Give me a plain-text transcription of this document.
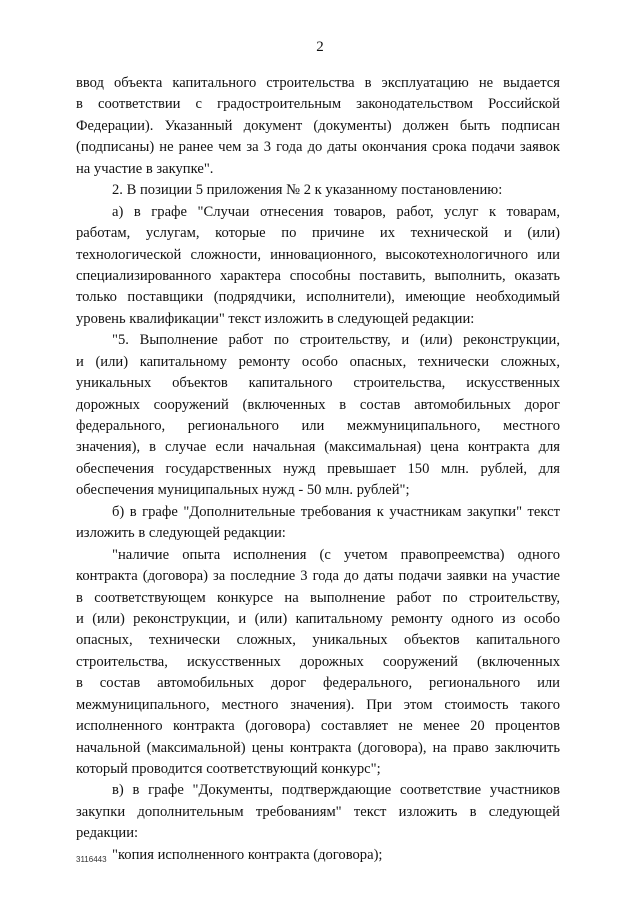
2
ввод объекта капитального строительства в эксплуатацию не выдается
в соответствии с градостроительным законодательством Российской
Федерации). Указанный документ (документы) должен быть подписан
(подписаны) не ранее чем за 3 года до даты окончания срока подачи заявок
на участие в закупке".
2. В позиции 5 приложения № 2 к указанному постановлению:
а) в графе "Случаи отнесения товаров, работ, услуг к товарам,
работам, услугам, которые по причине их технической и (или)
технологической сложности, инновационного, высокотехнологичного или
специализированного характера способны поставить, выполнить, оказать
только поставщики (подрядчики, исполнители), имеющие необходимый
уровень квалификации" текст изложить в следующей редакции:
"5. Выполнение работ по строительству, и (или) реконструкции,
и (или) капитальному ремонту особо опасных, технически сложных,
уникальных объектов капитального строительства, искусственных
дорожных сооружений (включенных в состав автомобильных дорог
федерального, регионального или межмуниципального, местного
значения), в случае если начальная (максимальная) цена контракта для
обеспечения государственных нужд превышает 150 млн. рублей, для
обеспечения муниципальных нужд - 50 млн. рублей";
б) в графе "Дополнительные требования к участникам закупки" текст
изложить в следующей редакции:
"наличие опыта исполнения (с учетом правопреемства) одного
контракта (договора) за последние 3 года до даты подачи заявки на участие
в соответствующем конкурсе на выполнение работ по строительству,
и (или) реконструкции, и (или) капитальному ремонту одного из особо
опасных, технически сложных, уникальных объектов капитального
строительства, искусственных дорожных сооружений (включенных
в состав автомобильных дорог федерального, регионального или
межмуниципального, местного значения). При этом стоимость такого
исполненного контракта (договора) составляет не менее 20 процентов
начальной (максимальной) цены контракта (договора), на право заключить
который проводится соответствующий конкурс";
в) в графе "Документы, подтверждающие соответствие участников
закупки дополнительным требованиям" текст изложить в следующей
редакции:
"копия исполненного контракта (договора);
3116443
